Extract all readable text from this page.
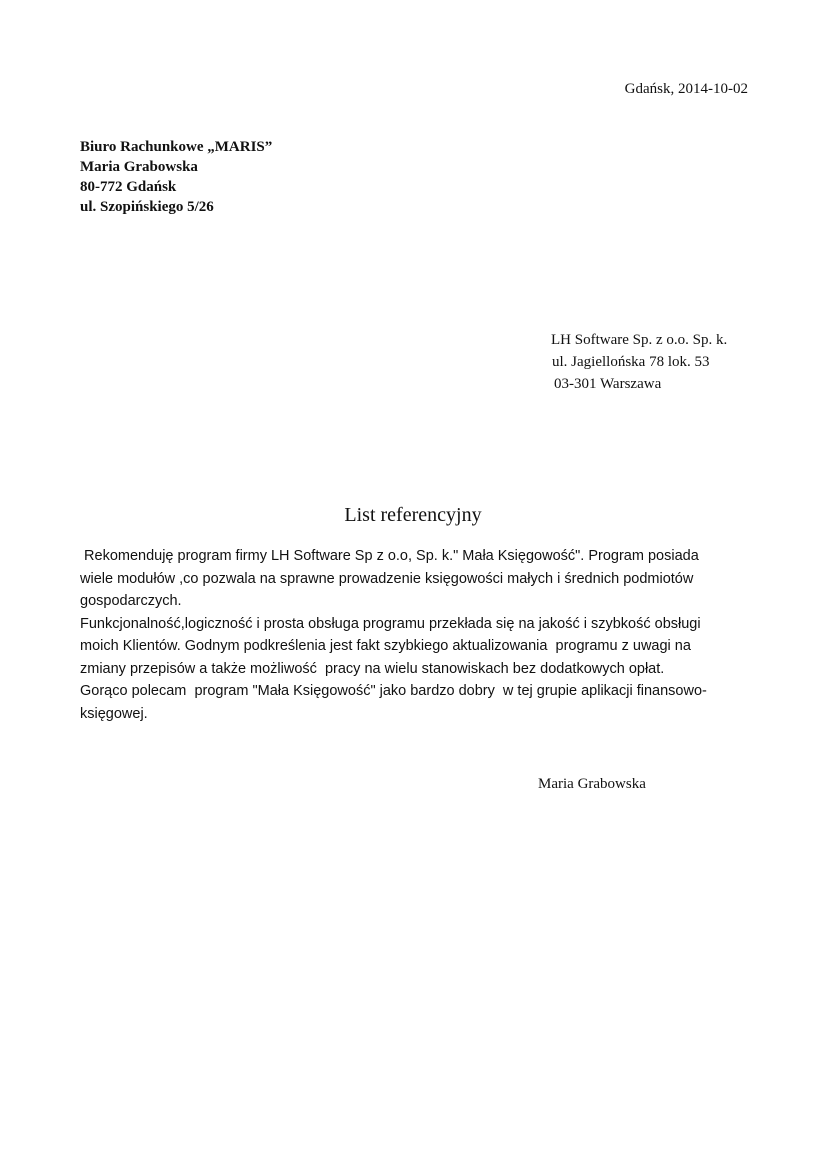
Gdańsk, 2014-10-02
Biuro Rachunkowe „MARIS”
Maria Grabowska
80-772 Gdańsk
ul. Szopińskiego 5/26
LH Software Sp. z o.o. Sp. k.
ul. Jagiellońska 78 lok. 53
03-301 Warszawa
List referencyjny
Rekomenduję program firmy LH Software Sp z o.o, Sp. k." Mała Księgowość". Program posiada
wiele modułów ,co pozwala na sprawne prowadzenie księgowości małych i średnich podmiotów
gospodarczych.
Funkcjonalność,logiczność i prosta obsługa programu przekłada się na jakość i szybkość obsługi
moich Klientów. Godnym podkreślenia jest fakt szybkiego aktualizowania  programu z uwagi na
zmiany przepisów a także możliwość  pracy na wielu stanowiskach bez dodatkowych opłat.
Gorąco polecam  program "Mała Księgowość" jako bardzo dobry  w tej grupie aplikacji finansowo-
księgowej.
Maria Grabowska
